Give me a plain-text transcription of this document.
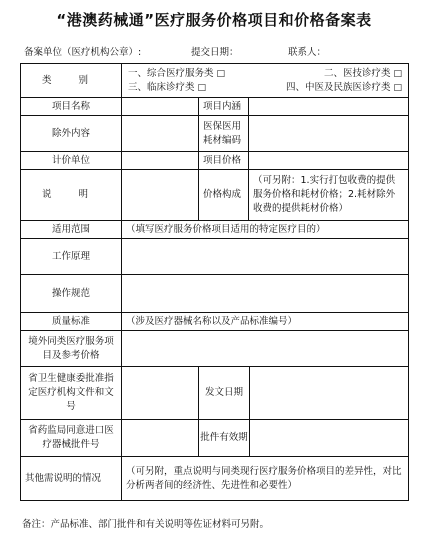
“港澳药械通”医疗服务价格项目和价格备案表
备案单位（医疗机构公章）:	提交日期：	联系人：
类 别	一、综合医疗服务类 □ 二、医技诊疗类 □
三、临床诊疗类 □ 四、中医及民族医诊疗类 □		

项目名称		项目内涵	
除外内容		医保医用耗材编码	
计价单位		项目价格	
说 明		价格构成	（可另附：1.实行打包收费的提供服务价格和耗材价格；2.耗材除外收费的提供耗材价格）
适用范围	（填写医疗服务价格项目适用的特定医疗目的）		
工作原理			
操作规范			
质量标准	（涉及医疗器械名称以及产品标准编号）		
境外同类医疗服务项目及参考价格			
省卫生健康委批准指定医疗机构文件和文号		发文日期	

省药监局同意进口医疗器械批件号		批件有效期	

其他需说明的情况	（可另附，重点说明与同类现行医疗服务价格项目的差异性，对比分析两者间的经济性、先进性和必要性）		
备注：产品标准、部门批件和有关说明等佐证材料可另附。
